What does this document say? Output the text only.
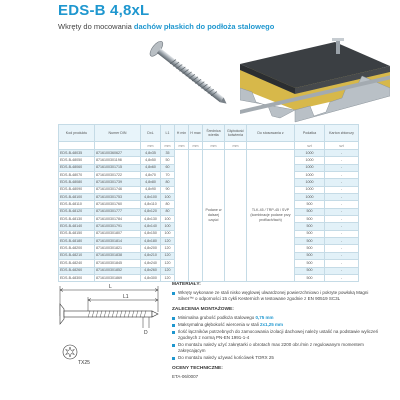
EDS-B 4,8xL
Wkręty do mocowania dachów płaskich do podłoża stalowego
Kod produktu	Numer DIN	DxL	L1	H min	H max	Średnica wiertła	Głębokość kotwienia	Do stosowania z	Podatka	Karton zbiorczy
		mm	mm	mm	mm	mm	mm		szt	szt
EDS-B-48035	8716100360627	4,8x35	35			Podane w dalszej części		TLK-45 / TRP-45 / SVP (kombinacje podane przy profilach/tach)	1000	-
EDS-B-48050	8716100301198	4,8x50	50						1000	-
EDS-B-48060	8716100301715	4,8x60	60						1000	-
EDS-B-48070	8716100301722	4,8x70	70						1000	-
EDS-B-48080	8716100301739	4,8x80	80						1000	-
EDS-B-48090	8716100301746	4,8x90	90						1000	-
EDS-B-48100	8716100301753	4,8x100	100						1000	-
EDS-B-48110	8716100301760	4,8x110	80						500	-
EDS-B-48120	8716100301777	4,8x120	80						500	-
EDS-B-48130	8716100301784	4,8x130	100						500	-
EDS-B-48140	8716100301791	4,8x140	100						500	-
EDS-B-48150	8716100301807	4,8x150	100						500	-
EDS-B-48180	8716100301814	4,8x180	120						500	-
EDS-B-48200	8716100301821	4,8x200	120						500	-
EDS-B-48210	8716100301838	4,8x210	120						500	-
EDS-B-48240	8716100301845	4,8x240	120						500	-
EDS-B-48260	8716100301852	4,8x260	120						500	-
EDS-B-48300	8716100301869	4,8x300	120						500	-
L
L1
D
TX25
MATERIAŁY:
Wkręty wykonane ze stali nisko węglowej ulwardzonej powierzchniowo i pokryte powłoką Magni Silver™ o odporności 15 cykli Kesternich w testowane zgodnie z EN 90519 SC3L
ZALECENIA MONTAŻOWE:
Minimalna grubość podłoża stalowego 0,75 mm
Maksymalna głębokość wiercenia w stali 2x1,25 mm
Ilość łączników potrzebnych do zamocowania izolacji dachowej należy ustalić na podstawie wyliczeń zgodnych z normą PN-EN 1991-1-4
Do montażu należy użyć zakrętarki o obrotach max 2200 obr./min z regulowanym momentem zakręcającym
Do montażu należy używać końcówek TORX 25
OCENY TECHNICZNE:

ETA-06/0007
